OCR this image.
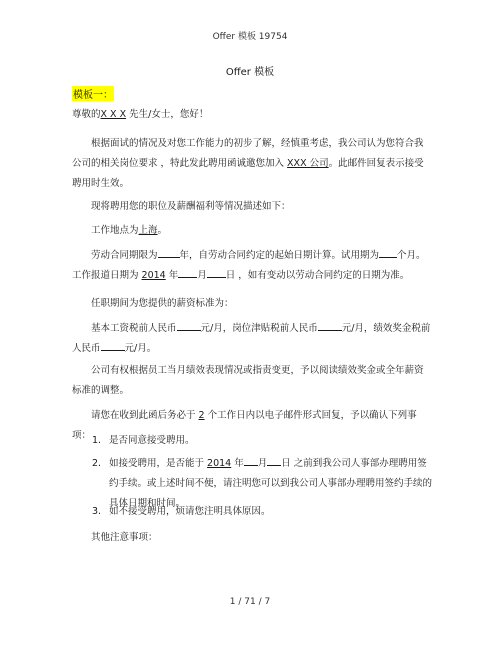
Offer 模板 19754
Offer 模板
模板一：
尊敬的X X X 先生/女士，您好！
根据面试的情况及对您工作能力的初步了解，经慎重考虑，我公司认为您符合我公司的相关岗位要求 ，特此发此聘用函诚邀您加入 XXX 公司。此邮件回复表示接受聘用时生效。
现将聘用您的职位及薪酬福利等情况描述如下：
工作地点为上海。
劳动合同期限为 年，自劳动合同约定的起始日期计算。试用期为 个月。工作报道日期为 2014 年 月 日 ，如有变动以劳动合同约定的日期为准。
任职期间为您提供的薪资标准为：
基本工资税前人民币	元/月，岗位津贴税前人民币	元/月，绩效奖金税前人民币	元/月。
公司有权根据员工当月绩效表现情况或指责变更，予以阅读绩效奖金或全年薪资标准的调整。
请您在收到此函后务必于 2 个工作日内以电子邮件形式回复，予以确认下列事项： 1. 是否同意接受聘用。
2. 如接受聘用，是否能于 2014 年 月 日 之前到我公司人事部办理聘用签约手续。或上述时间不便，请注明您可以到我公司人事部办理聘用签约手续的具体日期和时间。
3. 如不接受聘用，烦请您注明具体原因。
其他注意事项：
1 / 71 / 7
